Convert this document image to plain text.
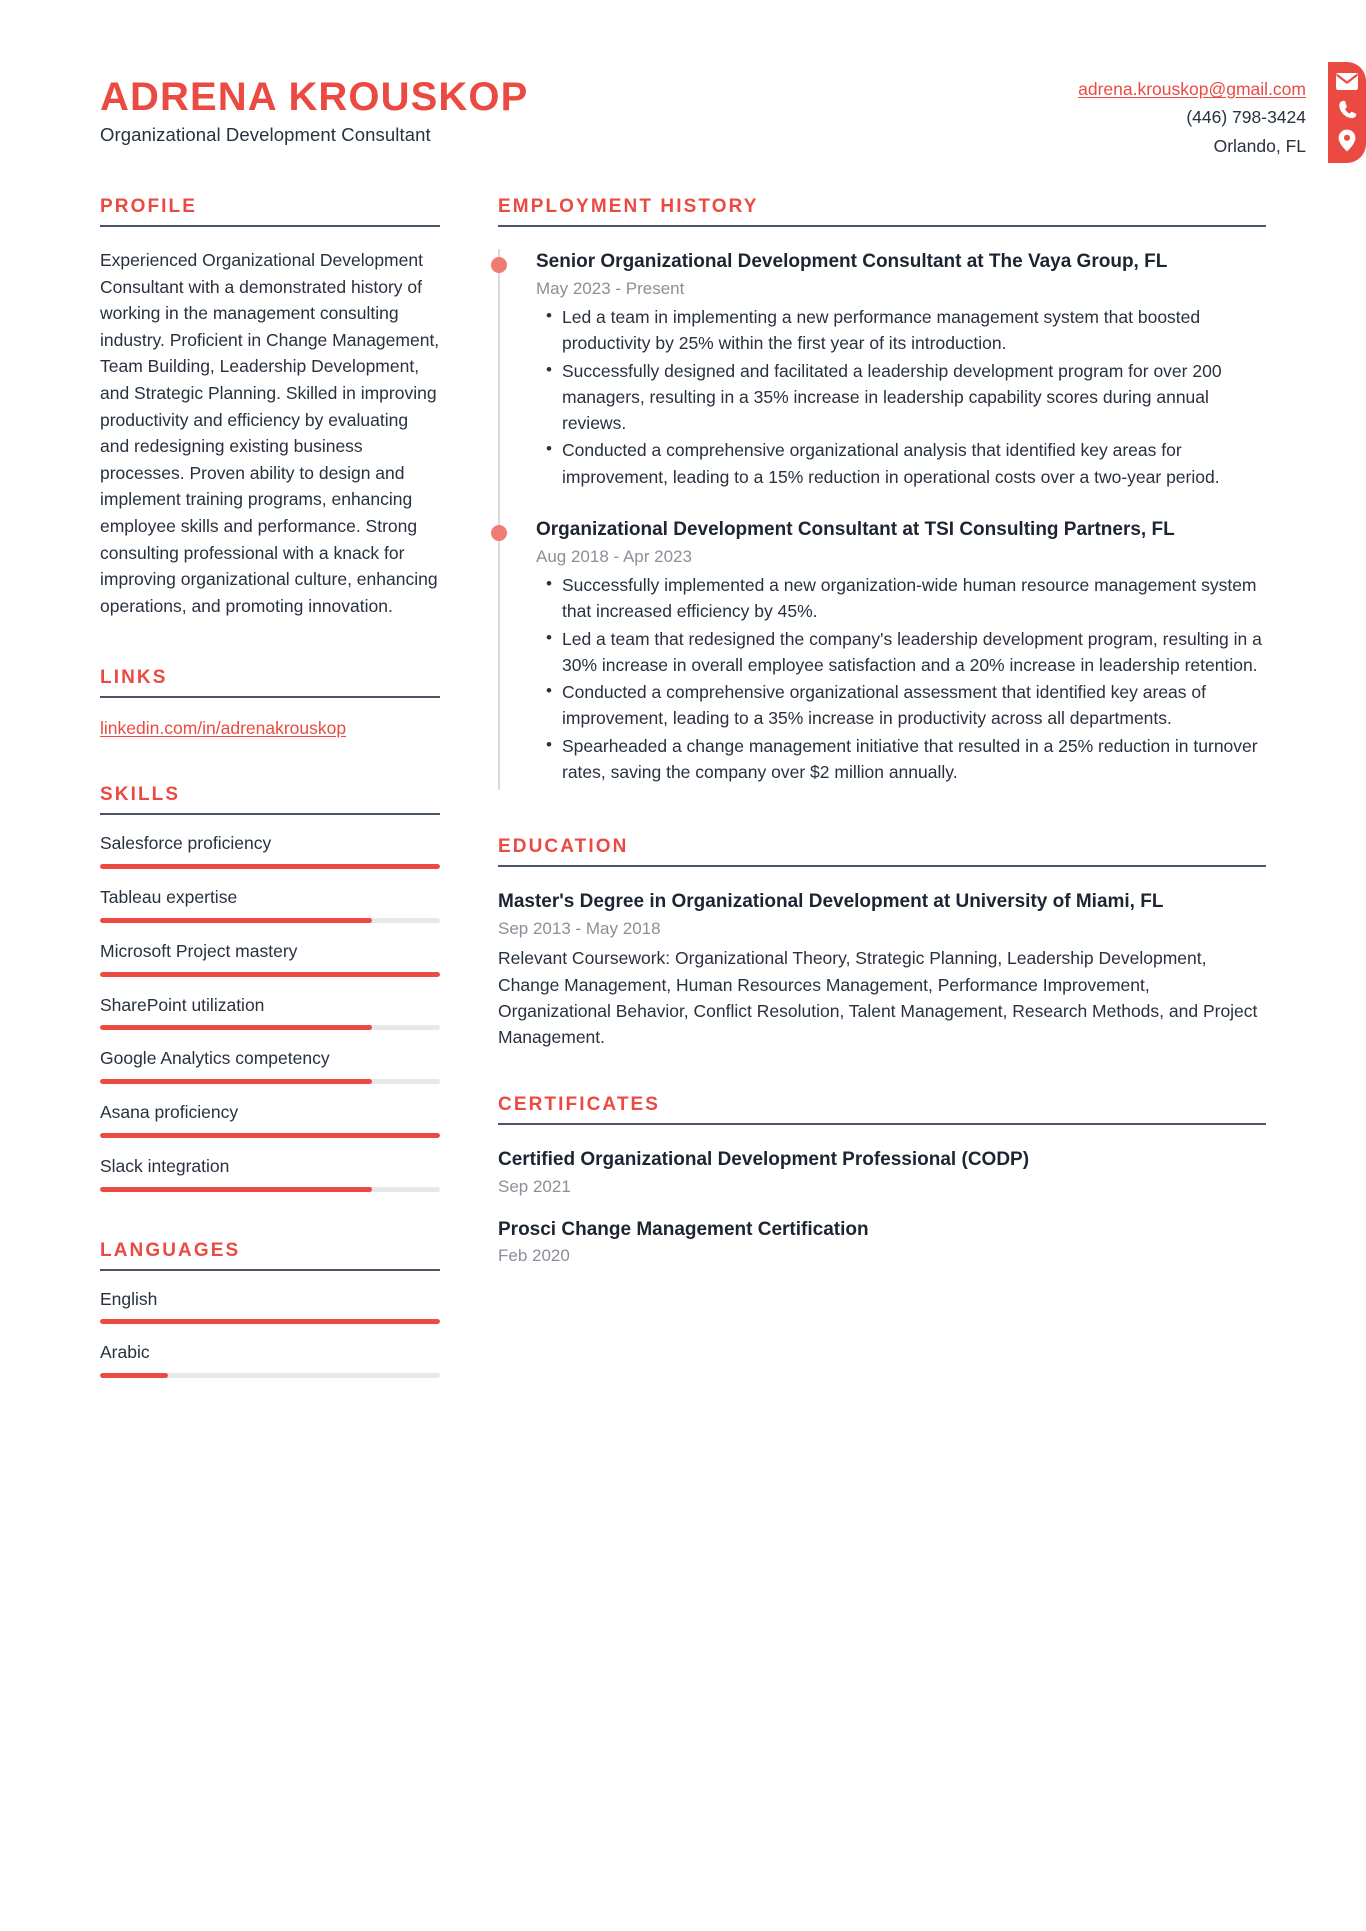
ADRENA KROUSKOP
Organizational Development Consultant
adrena.krouskop@gmail.com
(446) 798-3424
Orlando, FL
PROFILE
Experienced Organizational Development Consultant with a demonstrated history of working in the management consulting industry. Proficient in Change Management, Team Building, Leadership Development, and Strategic Planning. Skilled in improving productivity and efficiency by evaluating and redesigning existing business processes. Proven ability to design and implement training programs, enhancing employee skills and performance. Strong consulting professional with a knack for improving organizational culture, enhancing operations, and promoting innovation.
LINKS
linkedin.com/in/adrenakrouskop
SKILLS
Salesforce proficiency
Tableau expertise
Microsoft Project mastery
SharePoint utilization
Google Analytics competency
Asana proficiency
Slack integration
LANGUAGES
English
Arabic
EMPLOYMENT HISTORY
Senior Organizational Development Consultant at The Vaya Group, FL
May 2023 - Present
• Led a team in implementing a new performance management system that boosted productivity by 25% within the first year of its introduction.
• Successfully designed and facilitated a leadership development program for over 200 managers, resulting in a 35% increase in leadership capability scores during annual reviews.
• Conducted a comprehensive organizational analysis that identified key areas for improvement, leading to a 15% reduction in operational costs over a two-year period.
Organizational Development Consultant at TSI Consulting Partners, FL
Aug 2018 - Apr 2023
• Successfully implemented a new organization-wide human resource management system that increased efficiency by 45%.
• Led a team that redesigned the company's leadership development program, resulting in a 30% increase in overall employee satisfaction and a 20% increase in leadership retention.
• Conducted a comprehensive organizational assessment that identified key areas of improvement, leading to a 35% increase in productivity across all departments.
• Spearheaded a change management initiative that resulted in a 25% reduction in turnover rates, saving the company over $2 million annually.
EDUCATION
Master's Degree in Organizational Development at University of Miami, FL
Sep 2013 - May 2018
Relevant Coursework: Organizational Theory, Strategic Planning, Leadership Development, Change Management, Human Resources Management, Performance Improvement, Organizational Behavior, Conflict Resolution, Talent Management, Research Methods, and Project Management.
CERTIFICATES
Certified Organizational Development Professional (CODP)
Sep 2021
Prosci Change Management Certification
Feb 2020
